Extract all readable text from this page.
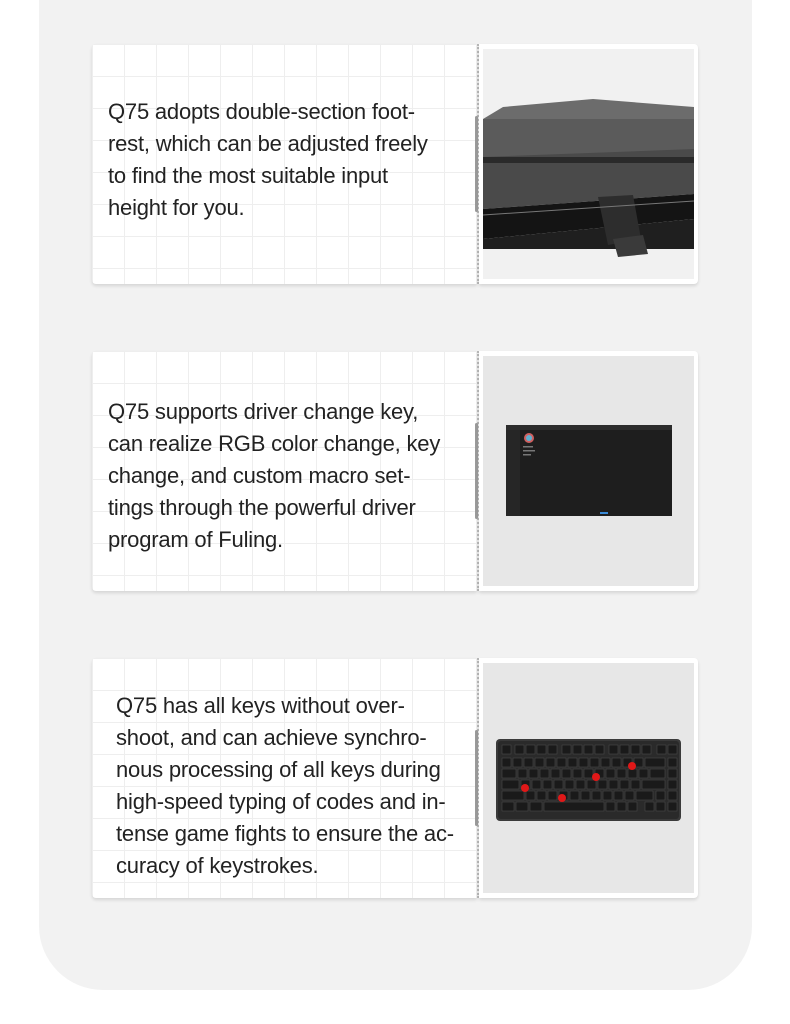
Q75 adopts double-section foot-
rest, which can be adjusted freely
to find the most suitable input
height for you.

Q75 supports driver change key,
can realize RGB color change, key
change, and custom macro set-
tings through the powerful driver
program of Fuling.

Q75 has all keys without over-
shoot, and can achieve synchro-
nous processing of all keys during
high-speed typing of codes and in-
tense game fights to ensure the ac-
curacy of keystrokes.
